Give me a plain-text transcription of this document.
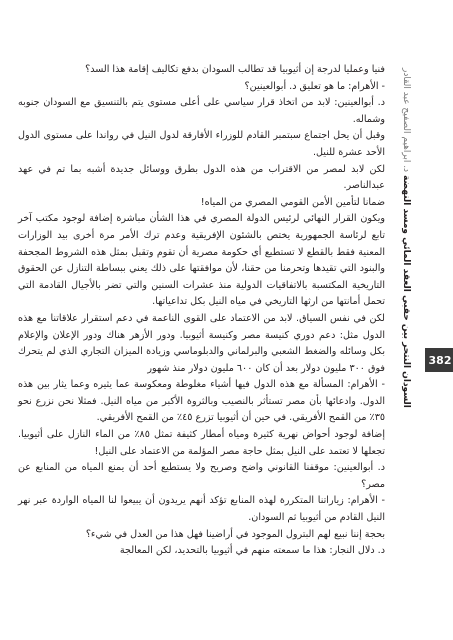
فنيا وعمليا لدرجة إن أثيوبيا قد تطالب السودان بدفع تكاليف إقامة هذا السد؟

- الأهرام: ما هو تعليق د. أبوالعينين؟

د. أبوالعينين: لابد من اتخاذ قرار سياسي على أعلى مستوى يتم بالتنسيق مع السودان جنوبه وشماله.

وقبل أن يحل اجتماع سبتمبر القادم للوزراء الأفارقة لدول النيل في رواندا على مستوى الدول الأحد عشرة للنيل.

لكن لابد لمصر من الاقتراب من هذه الدول بطرق ووسائل جديدة أشبه بما تم في عهد عبدالناصر.

ضمانا لتأمين الأمن القومي المصري من المياه!

ويكون القرار النهائي لرئيس الدولة المصري في هذا الشأن مباشرة إضافة لوجود مكتب آخر تابع لرئاسة الجمهورية يختص بالشئون الإفريقية وعدم ترك الأمر مرة أخرى بيد الوزارات المعنية فقط بالقطع لا تستطيع أي حكومة مصرية أن تقوم وتقبل بمثل هذه الشروط المجحفة والبنود التي تقيدها وتحرمنا من حقنا، لأن موافقتها على ذلك يعني ببساطة التنازل عن الحقوق التاريخية المكتسبة بالاتفاقيات الدولية منذ عشرات السنين والتي تضر بالأجيال القادمة التي تحمل أمانتها من ارثها التاريخي في مياه النيل بكل تداعياتها.

لكن في نفس السياق. لابد من الاعتماد على القوى الناعمة في دعم استقرار علاقاتنا مع هذه الدول مثل: دعم دوري كنيسة مصر وكنيسة أثيوبيا. ودور الأزهر هناك ودور الإعلان والإعلام بكل وسائله والضغط الشعبي والبرلماني والدبلوماسي وزيادة الميزان التجاري الذي لم يتحرك فوق ٣٠٠ مليون دولار بعد أن كان ٦٠٠ مليون دولار منذ شهور

- الأهرام: المسألة مع هذه الدول فيها أشياء مغلوطة ومعكوسة عما يثيره وعما يثار بين هذه الدول. وادعائها بأن مصر تستأثر بالنصيب وبالثروة الأكبر من مياه النيل. فمثلا نحن نزرع نحو ٣٥٪ من القمح الأفريقي. في حين أن أثيوبيا تزرع ٤٥٪ من القمح الأفريقي.

إضافة لوجود أحواض نهرية كثيرة ومياه أمطار كثيفة تمثل ٨٥٪ من الماء النازل على أثيوبيا. تجعلها لا تعتمد على النيل بمثل حاجة مصر المؤلمة من الاعتماد على النيل!

د. أبوالعينين: موقفنا القانوني واضح وصريح ولا يستطيع أحد أن يمنع المياه من المنابع عن مصر؟

- الأهرام: زياراتنا المتكررة لهذه المنابع تؤكد أنهم يريدون أن يبيعوا لنا المياه الواردة عبر نهر النيل القادم من أثيوبيا ثم السودان.

بحجة إننا نبيع لهم البترول الموجود في أراضينا فهل هذا من العدل في شيء؟

د. دلال النجار: هذا ما سمعته منهم في أثيوبيا بالتحديد، لكن المعالجة

السودان النتحر بين حقبي العقد المائي ومسد النهضة د. ابراهيم الصفيح عبد القادر
382
